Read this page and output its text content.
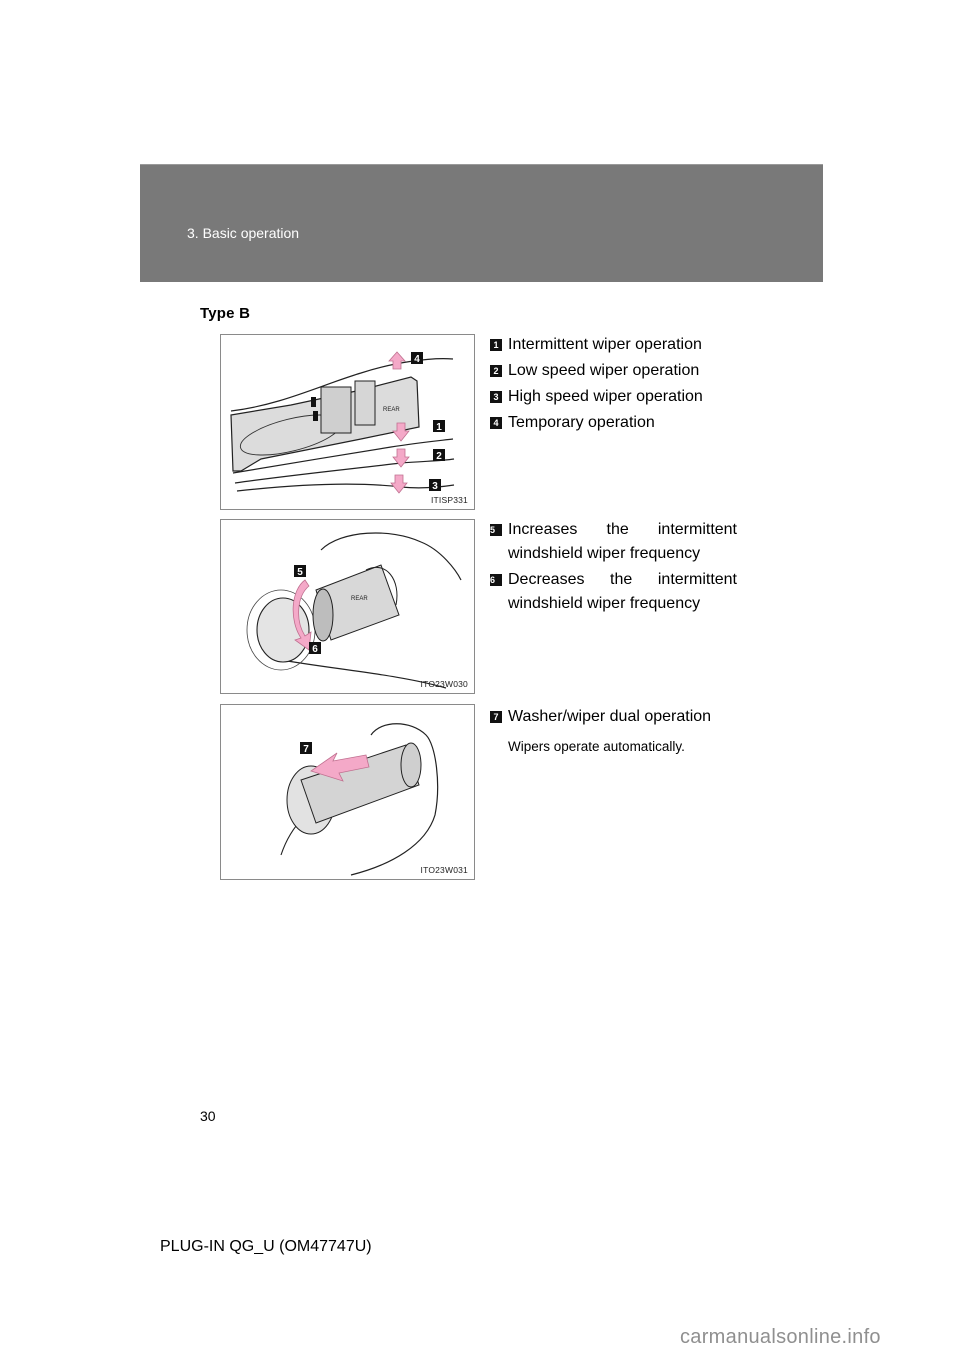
3. Basic operation
Type B
REAR
4
1
2
3
ITISP331
1 Intermittent wiper operation
2 Low speed wiper operation
3 High speed wiper operation
4 Temporary operation
REAR
5
6
ITO23W030
5 Increases the intermittent windshield wiper frequency
6 Decreases the intermittent windshield wiper frequency
7
ITO23W031
7 Washer/wiper dual operation
Wipers operate automatically.
30
PLUG-IN QG_U (OM47747U)
carmanualsonline.info
